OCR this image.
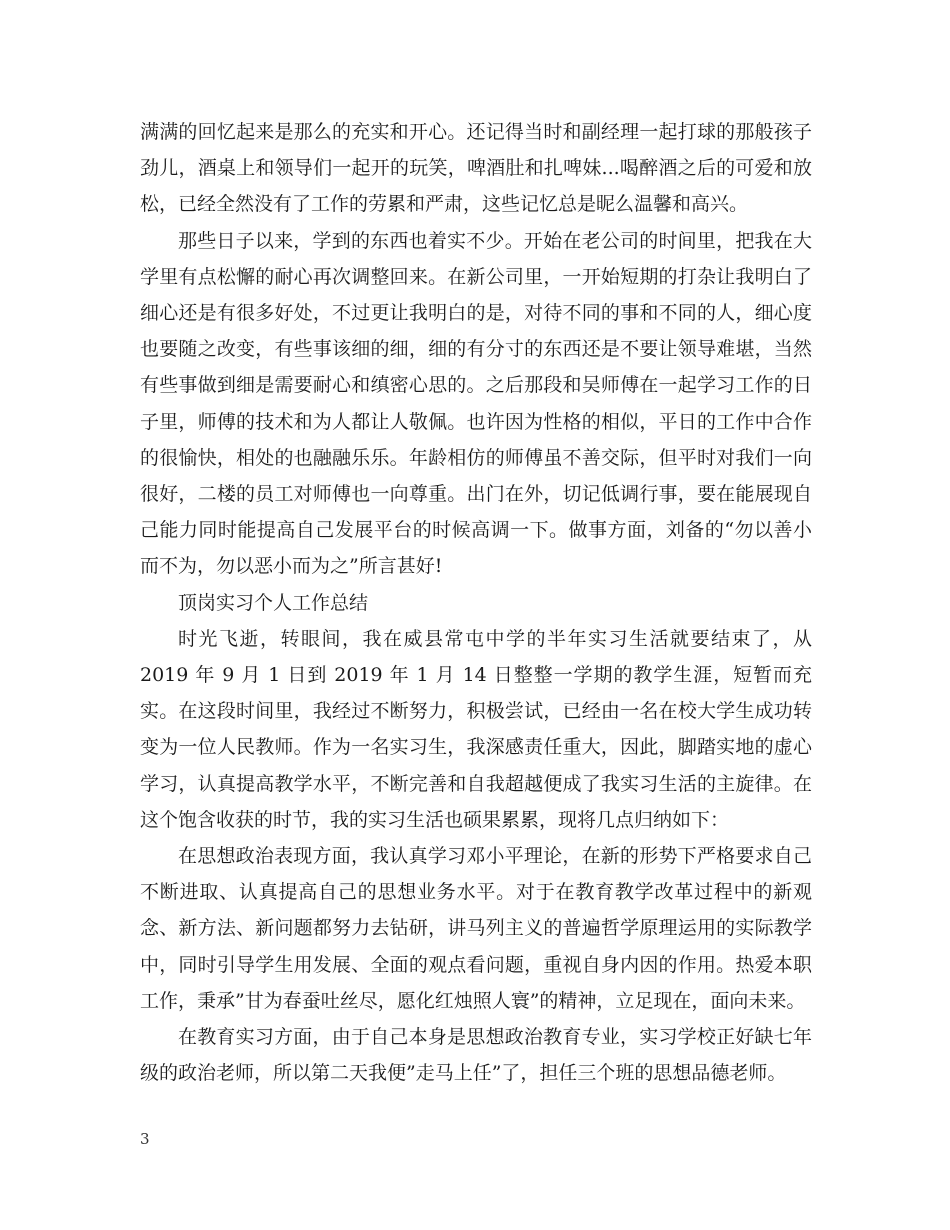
满满的回忆起来是那么的充实和开心。还记得当时和副经理一起打球的那般孩子劲儿，酒桌上和领导们一起开的玩笑，啤酒肚和扎啤妹...喝醉酒之后的可爱和放松，已经全然没有了工作的劳累和严肃，这些记忆总是昵么温馨和高兴。

那些日子以来，学到的东西也着实不少。开始在老公司的时间里，把我在大学里有点松懈的耐心再次调整回来。在新公司里，一开始短期的打杂让我明白了细心还是有很多好处，不过更让我明白的是，对待不同的事和不同的人，细心度也要随之改变，有些事该细的细，细的有分寸的东西还是不要让领导难堪，当然有些事做到细是需要耐心和缜密心思的。之后那段和吴师傅在一起学习工作的日子里，师傅的技术和为人都让人敬佩。也许因为性格的相似，平日的工作中合作的很愉快，相处的也融融乐乐。年龄相仿的师傅虽不善交际，但平时对我们一向很好，二楼的员工对师傅也一向尊重。出门在外，切记低调行事，要在能展现自己能力同时能提高自己发展平台的时候高调一下。做事方面，刘备的“勿以善小而不为，勿以恶小而为之”所言甚好!

顶岗实习个人工作总结

时光飞逝，转眼间，我在威县常屯中学的半年实习生活就要结束了，从 2019 年 9 月 1 日到 2019 年 1 月 14 日整整一学期的教学生涯，短暂而充实。在这段时间里，我经过不断努力，积极尝试，已经由一名在校大学生成功转变为一位人民教师。作为一名实习生，我深感责任重大，因此，脚踏实地的虚心学习，认真提高教学水平，不断完善和自我超越便成了我实习生活的主旋律。在这个饱含收获的时节，我的实习生活也硕果累累，现将几点归纳如下：

在思想政治表现方面，我认真学习邓小平理论，在新的形势下严格要求自己不断进取、认真提高自己的思想业务水平。对于在教育教学改革过程中的新观念、新方法、新问题都努力去钻研，讲马列主义的普遍哲学原理运用的实际教学中，同时引导学生用发展、全面的观点看问题，重视自身内因的作用。热爱本职工作，秉承”甘为春蚕吐丝尽，愿化红烛照人寰”的精神，立足现在，面向未来。

在教育实习方面，由于自己本身是思想政治教育专业，实习学校正好缺七年级的政治老师，所以第二天我便”走马上任”了，担任三个班的思想品德老师。

3
